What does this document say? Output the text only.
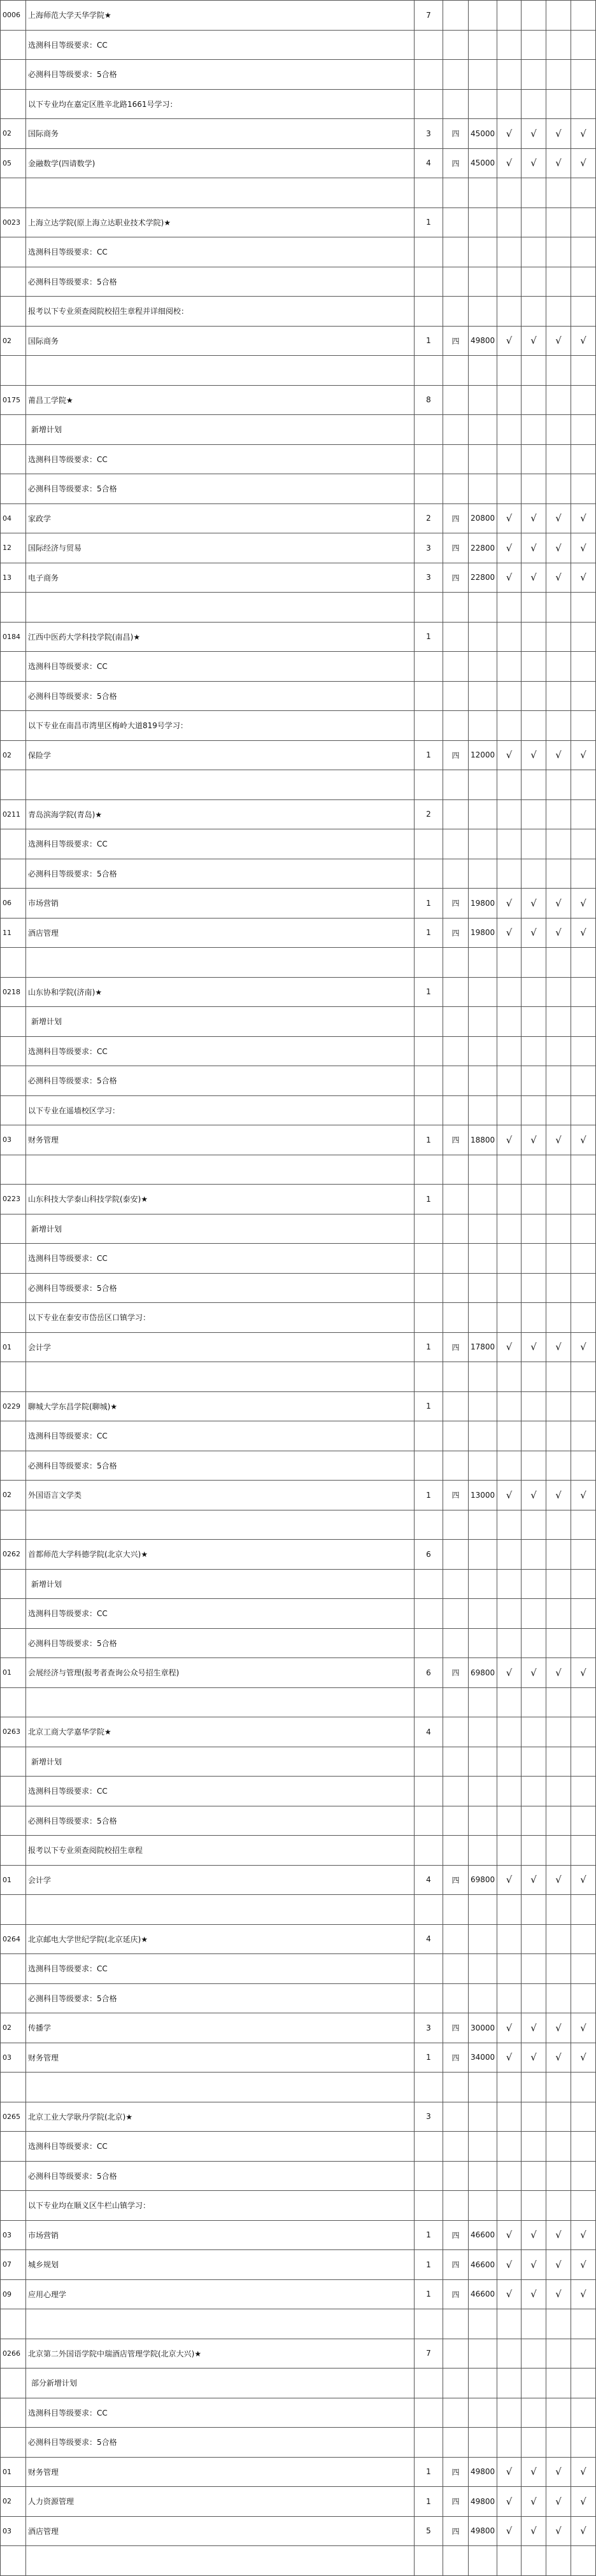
0006	上海师范大学天华学院★	7						
	选测科目等级要求：CC							
	必测科目等级要求：5合格							
	以下专业均在嘉定区胜辛北路1661号学习：							
02	国际商务	3	四	45000	√	√	√	√
05	金融数学(四请数学)	4	四	45000	√	√	√	√

0023	上海立达学院(原上海立达职业技术学院)★	1						
	选测科目等级要求：CC							
	必测科目等级要求：5合格							
	报考以下专业须查阅院校招生章程并详细阅校：							
02	国际商务	1	四	49800	√	√	√	√

0175	莆昌工学院★	8						
	新增计划							
	选测科目等级要求：CC							
	必测科目等级要求：5合格							
04	家政学	2	四	20800	√	√	√	√
12	国际经济与贸易	3	四	22800	√	√	√	√
13	电子商务	3	四	22800	√	√	√	√

0184	江西中医药大学科技学院(南昌)★	1						
	选测科目等级要求：CC							
	必测科目等级要求：5合格							
	以下专业在南昌市湾里区梅岭大道819号学习：							
02	保险学	1	四	12000	√	√	√	√

0211	青岛滨海学院(青岛)★	2						
	选测科目等级要求：CC							
	必测科目等级要求：5合格							
06	市场营销	1	四	19800	√	√	√	√
11	酒店管理	1	四	19800	√	√	√	√

0218	山东协和学院(济南)★	1						
	新增计划							
	选测科目等级要求：CC							
	必测科目等级要求：5合格							
	以下专业在遥墙校区学习：							
03	财务管理	1	四	18800	√	√	√	√

0223	山东科技大学泰山科技学院(泰安)★	1						
	新增计划							
	选测科目等级要求：CC							
	必测科目等级要求：5合格							
	以下专业在泰安市岱岳区口镇学习：							
01	会计学	1	四	17800	√	√	√	√

0229	聊城大学东昌学院(聊城)★	1						
	选测科目等级要求：CC							
	必测科目等级要求：5合格							
02	外国语言文学类	1	四	13000	√	√	√	√

0262	首都师范大学科德学院(北京大兴)★	6						
	新增计划							
	选测科目等级要求：CC							
	必测科目等级要求：5合格							
01	会展经济与管理(报考者查询公众号招生章程)	6	四	69800	√	√	√	√

0263	北京工商大学嘉华学院★	4						
	新增计划							
	选测科目等级要求：CC							
	必测科目等级要求：5合格							
	报考以下专业须查阅院校招生章程							
01	会计学	4	四	69800	√	√	√	√

0264	北京邮电大学世纪学院(北京延庆)★	4						
	选测科目等级要求：CC							
	必测科目等级要求：5合格							
02	传播学	3	四	30000	√	√	√	√
03	财务管理	1	四	34000	√	√	√	√

0265	北京工业大学耿丹学院(北京)★	3						
	选测科目等级要求：CC							
	必测科目等级要求：5合格							
	以下专业均在顺义区牛栏山镇学习：							
03	市场营销	1	四	46600	√	√	√	√
07	城乡规划	1	四	46600	√	√	√	√
09	应用心理学	1	四	46600	√	√	√	√

0266	北京第二外国语学院中瑞酒店管理学院(北京大兴)★	7						
	部分新增计划							
	选测科目等级要求：CC							
	必测科目等级要求：5合格							
01	财务管理	1	四	49800	√	√	√	√
02	人力资源管理	1	四	49800	√	√	√	√
03	酒店管理	5	四	49800	√	√	√	√
